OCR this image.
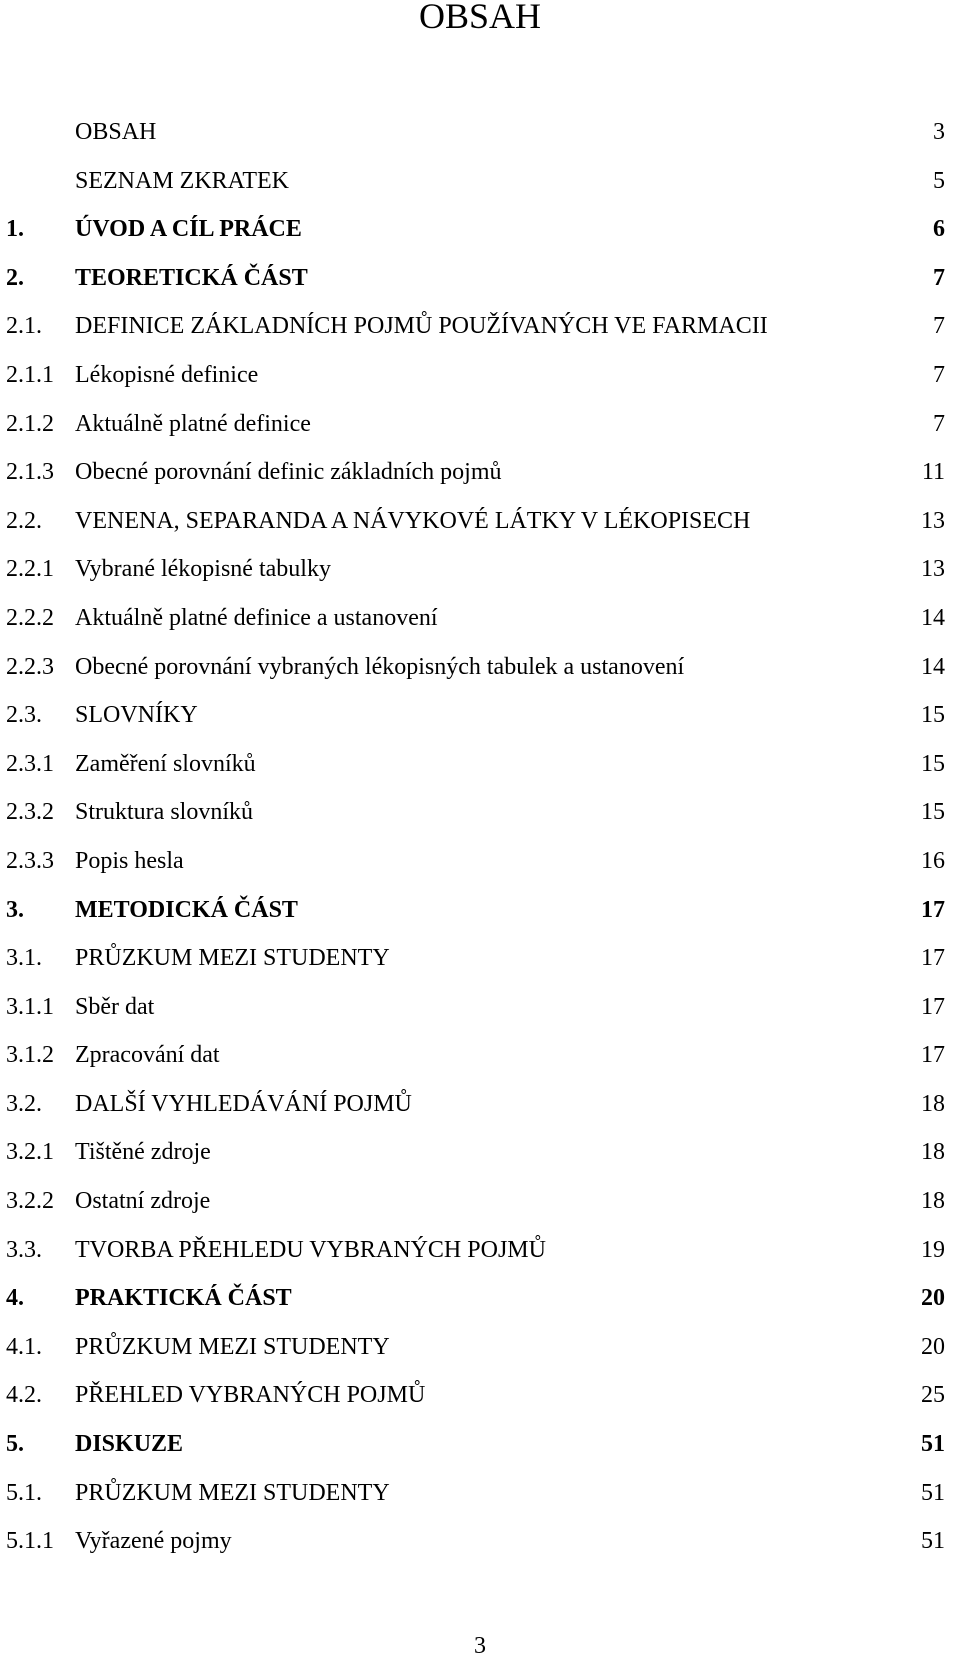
OBSAH
OBSAH	3
SEZNAM ZKRATEK	5
1. ÚVOD A CÍL PRÁCE	6
2. TEORETICKÁ ČÁST	7
2.1. DEFINICE ZÁKLADNÍCH POJMŮ POUŽÍVANÝCH VE FARMACII	7
2.1.1 Lékopisné definice	7
2.1.2 Aktuálně platné definice	7
2.1.3 Obecné porovnání definic základních pojmů	11
2.2. VENENA, SEPARANDA A NÁVYKOVÉ LÁTKY V LÉKOPISECH	13
2.2.1 Vybrané lékopisné tabulky	13
2.2.2 Aktuálně platné definice a ustanovení	14
2.2.3 Obecné porovnání vybraných lékopisných tabulek a ustanovení	14
2.3. SLOVNÍKY	15
2.3.1 Zaměření slovníků	15
2.3.2 Struktura slovníků	15
2.3.3 Popis hesla	16
3. METODICKÁ ČÁST	17
3.1. PRŮZKUM MEZI STUDENTY	17
3.1.1 Sběr dat	17
3.1.2 Zpracování dat	17
3.2. DALŠÍ VYHLEDÁVÁNÍ POJMŮ	18
3.2.1 Tištěné zdroje	18
3.2.2 Ostatní zdroje	18
3.3. TVORBA PŘEHLEDU VYBRANÝCH POJMŮ	19
4. PRAKTICKÁ ČÁST	20
4.1. PRŮZKUM MEZI STUDENTY	20
4.2. PŘEHLED VYBRANÝCH POJMŮ	25
5. DISKUZE	51
5.1. PRŮZKUM MEZI STUDENTY	51
5.1.1 Vyřazené pojmy	51
3
